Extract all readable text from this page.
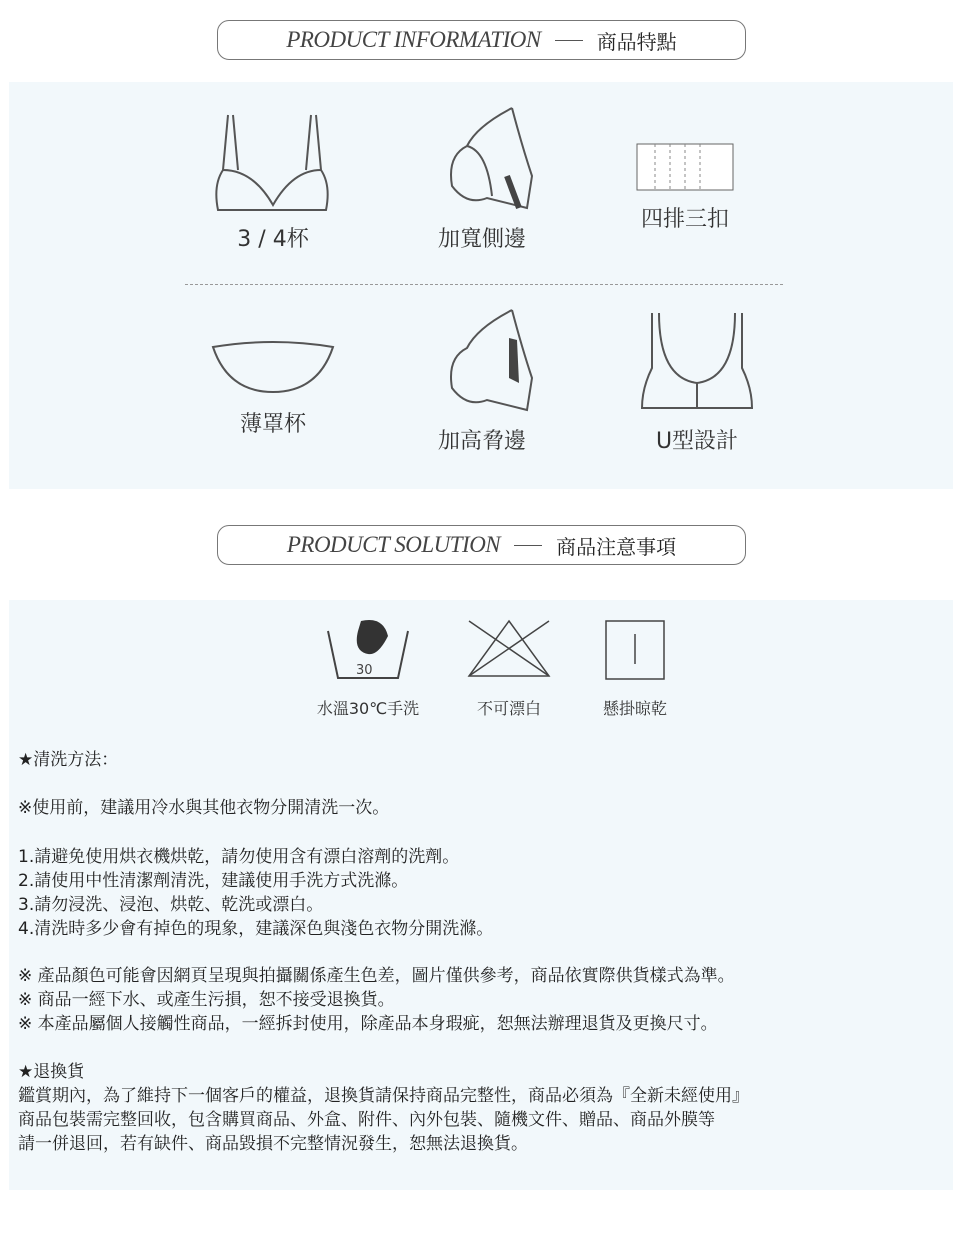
PRODUCT INFORMATION	商品特點
3 / 4杯	加寬側邊
四排三扣
薄罩杯
加高脅邊	U型設計
PRODUCT SOLUTION	商品注意事項
30
水溫30℃手洗	不可漂白	懸掛晾乾
★清洗方法：
※使用前，建議用冷水與其他衣物分開清洗一次。
1.請避免使用烘衣機烘乾，請勿使用含有漂白溶劑的洗劑。
2.請使用中性清潔劑清洗，建議使用手洗方式洗滌。
3.請勿浸洗、浸泡、烘乾、乾洗或漂白。
4.清洗時多少會有掉色的現象，建議深色與淺色衣物分開洗滌。
※ 產品顏色可能會因網頁呈現與拍攝關係產生色差，圖片僅供參考，商品依實際供貨樣式為準。
※ 商品一經下水、或產生污損，恕不接受退換貨。
※ 本產品屬個人接觸性商品，一經拆封使用，除產品本身瑕疵，恕無法辦理退貨及更換尺寸。
★退換貨
鑑賞期內，為了維持下一個客戶的權益，退換貨請保持商品完整性，商品必須為『全新未經使用』
商品包裝需完整回收，包含購買商品、外盒、附件、內外包裝、隨機文件、贈品、商品外膜等
請一併退回，若有缺件、商品毀損不完整情況發生，恕無法退換貨。
